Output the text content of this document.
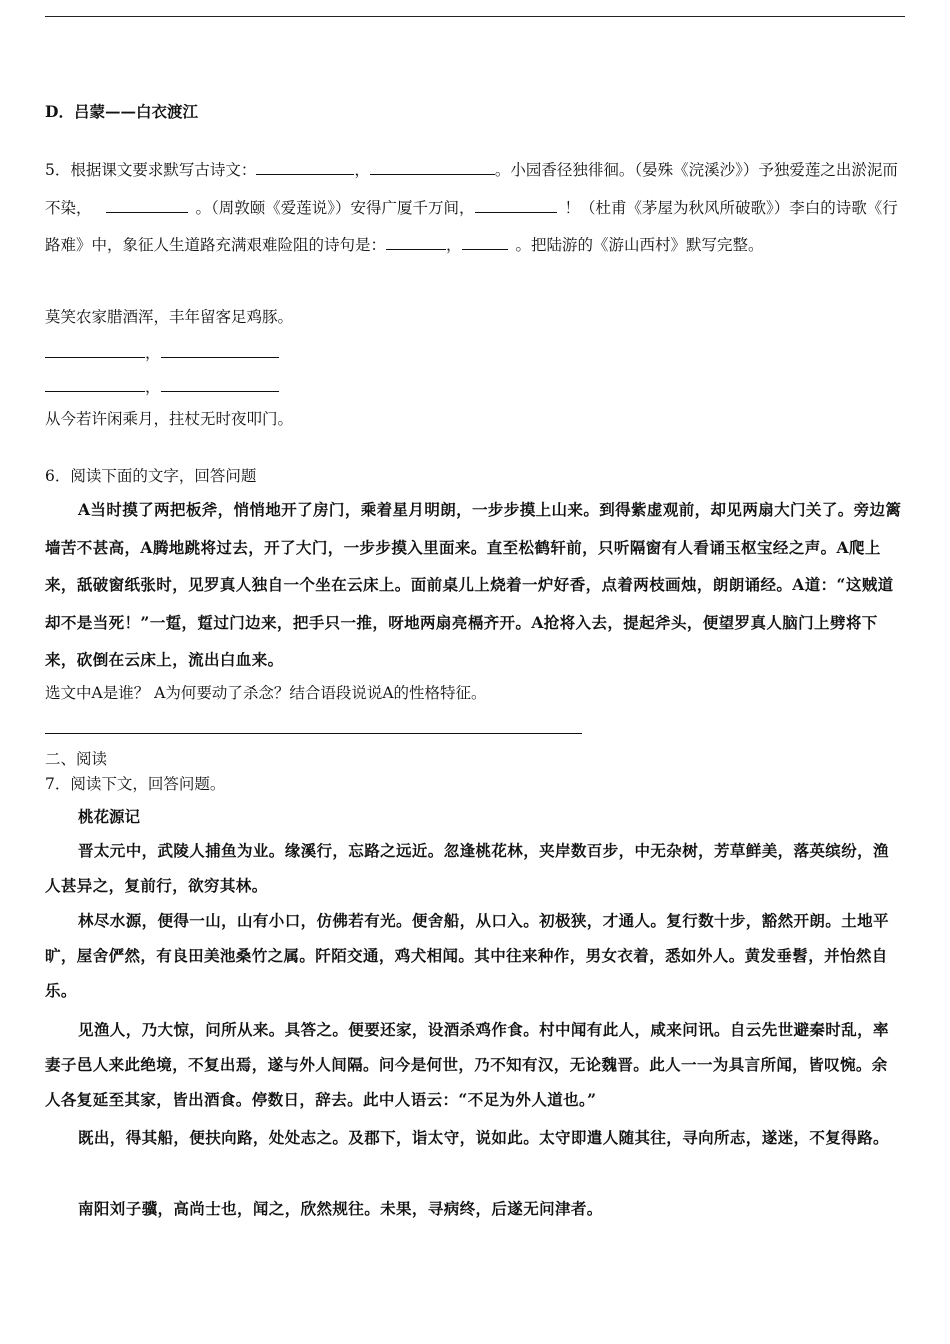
D．吕蒙——白衣渡江
5．根据课文要求默写古诗文：	，	。小园香径独徘徊。（晏殊《浣溪沙》）予独爱莲之出淤泥而不染，	。（周敦颐《爱莲说》）安得广厦千万间，	！（杜甫《茅屋为秋风所破歌》）李白的诗歌《行路难》中，象征人生道路充满艰难险阻的诗句是：	，	。把陆游的《游山西村》默写完整。
莫笑农家腊酒浑，丰年留客足鸡豚。
，
，
从今若许闲乘月，拄杖无时夜叩门。
6．阅读下面的文字，回答问题
A当时摸了两把板斧，悄悄地开了房门，乘着星月明朗，一步步摸上山来。到得紫虚观前，却见两扇大门关了。旁边篱墙苦不甚高，A腾地跳将过去，开了大门，一步步摸入里面来。直至松鹤轩前，只听隔窗有人看诵玉枢宝经之声。A爬上来，舐破窗纸张时，见罗真人独自一个坐在云床上。面前桌儿上烧着一炉好香，点着两枝画烛，朗朗诵经。A道：“这贼道却不是当死！”一踅，踅过门边来，把手只一推，呀地两扇亮槅齐开。A抢将入去，提起斧头，便望罗真人脑门上劈将下来，砍倒在云床上，流出白血来。
选文中A是谁？ A为何要动了杀念？结合语段说说A的性格特征。
二、阅读
7．阅读下文，回答问题。
桃花源记
晋太元中，武陵人捕鱼为业。缘溪行，忘路之远近。忽逢桃花林，夹岸数百步，中无杂树，芳草鲜美，落英缤纷，渔人甚异之，复前行，欲穷其林。
林尽水源，便得一山，山有小口，仿佛若有光。便舍船，从口入。初极狭，才通人。复行数十步，豁然开朗。土地平旷，屋舍俨然，有良田美池桑竹之属。阡陌交通，鸡犬相闻。其中往来种作，男女衣着，悉如外人。黄发垂髫，并怡然自乐。
见渔人，乃大惊，问所从来。具答之。便要还家，设酒杀鸡作食。村中闻有此人，咸来问讯。自云先世避秦时乱，率妻子邑人来此绝境，不复出焉，遂与外人间隔。问今是何世，乃不知有汉，无论魏晋。此人一一为具言所闻，皆叹惋。余人各复延至其家，皆出酒食。停数日，辞去。此中人语云：“不足为外人道也。”
既出，得其船，便扶向路，处处志之。及郡下，诣太守，说如此。太守即遣人随其往，寻向所志，遂迷，不复得路。
南阳刘子骥，高尚士也，闻之，欣然规往。未果，寻病终，后遂无问津者。
